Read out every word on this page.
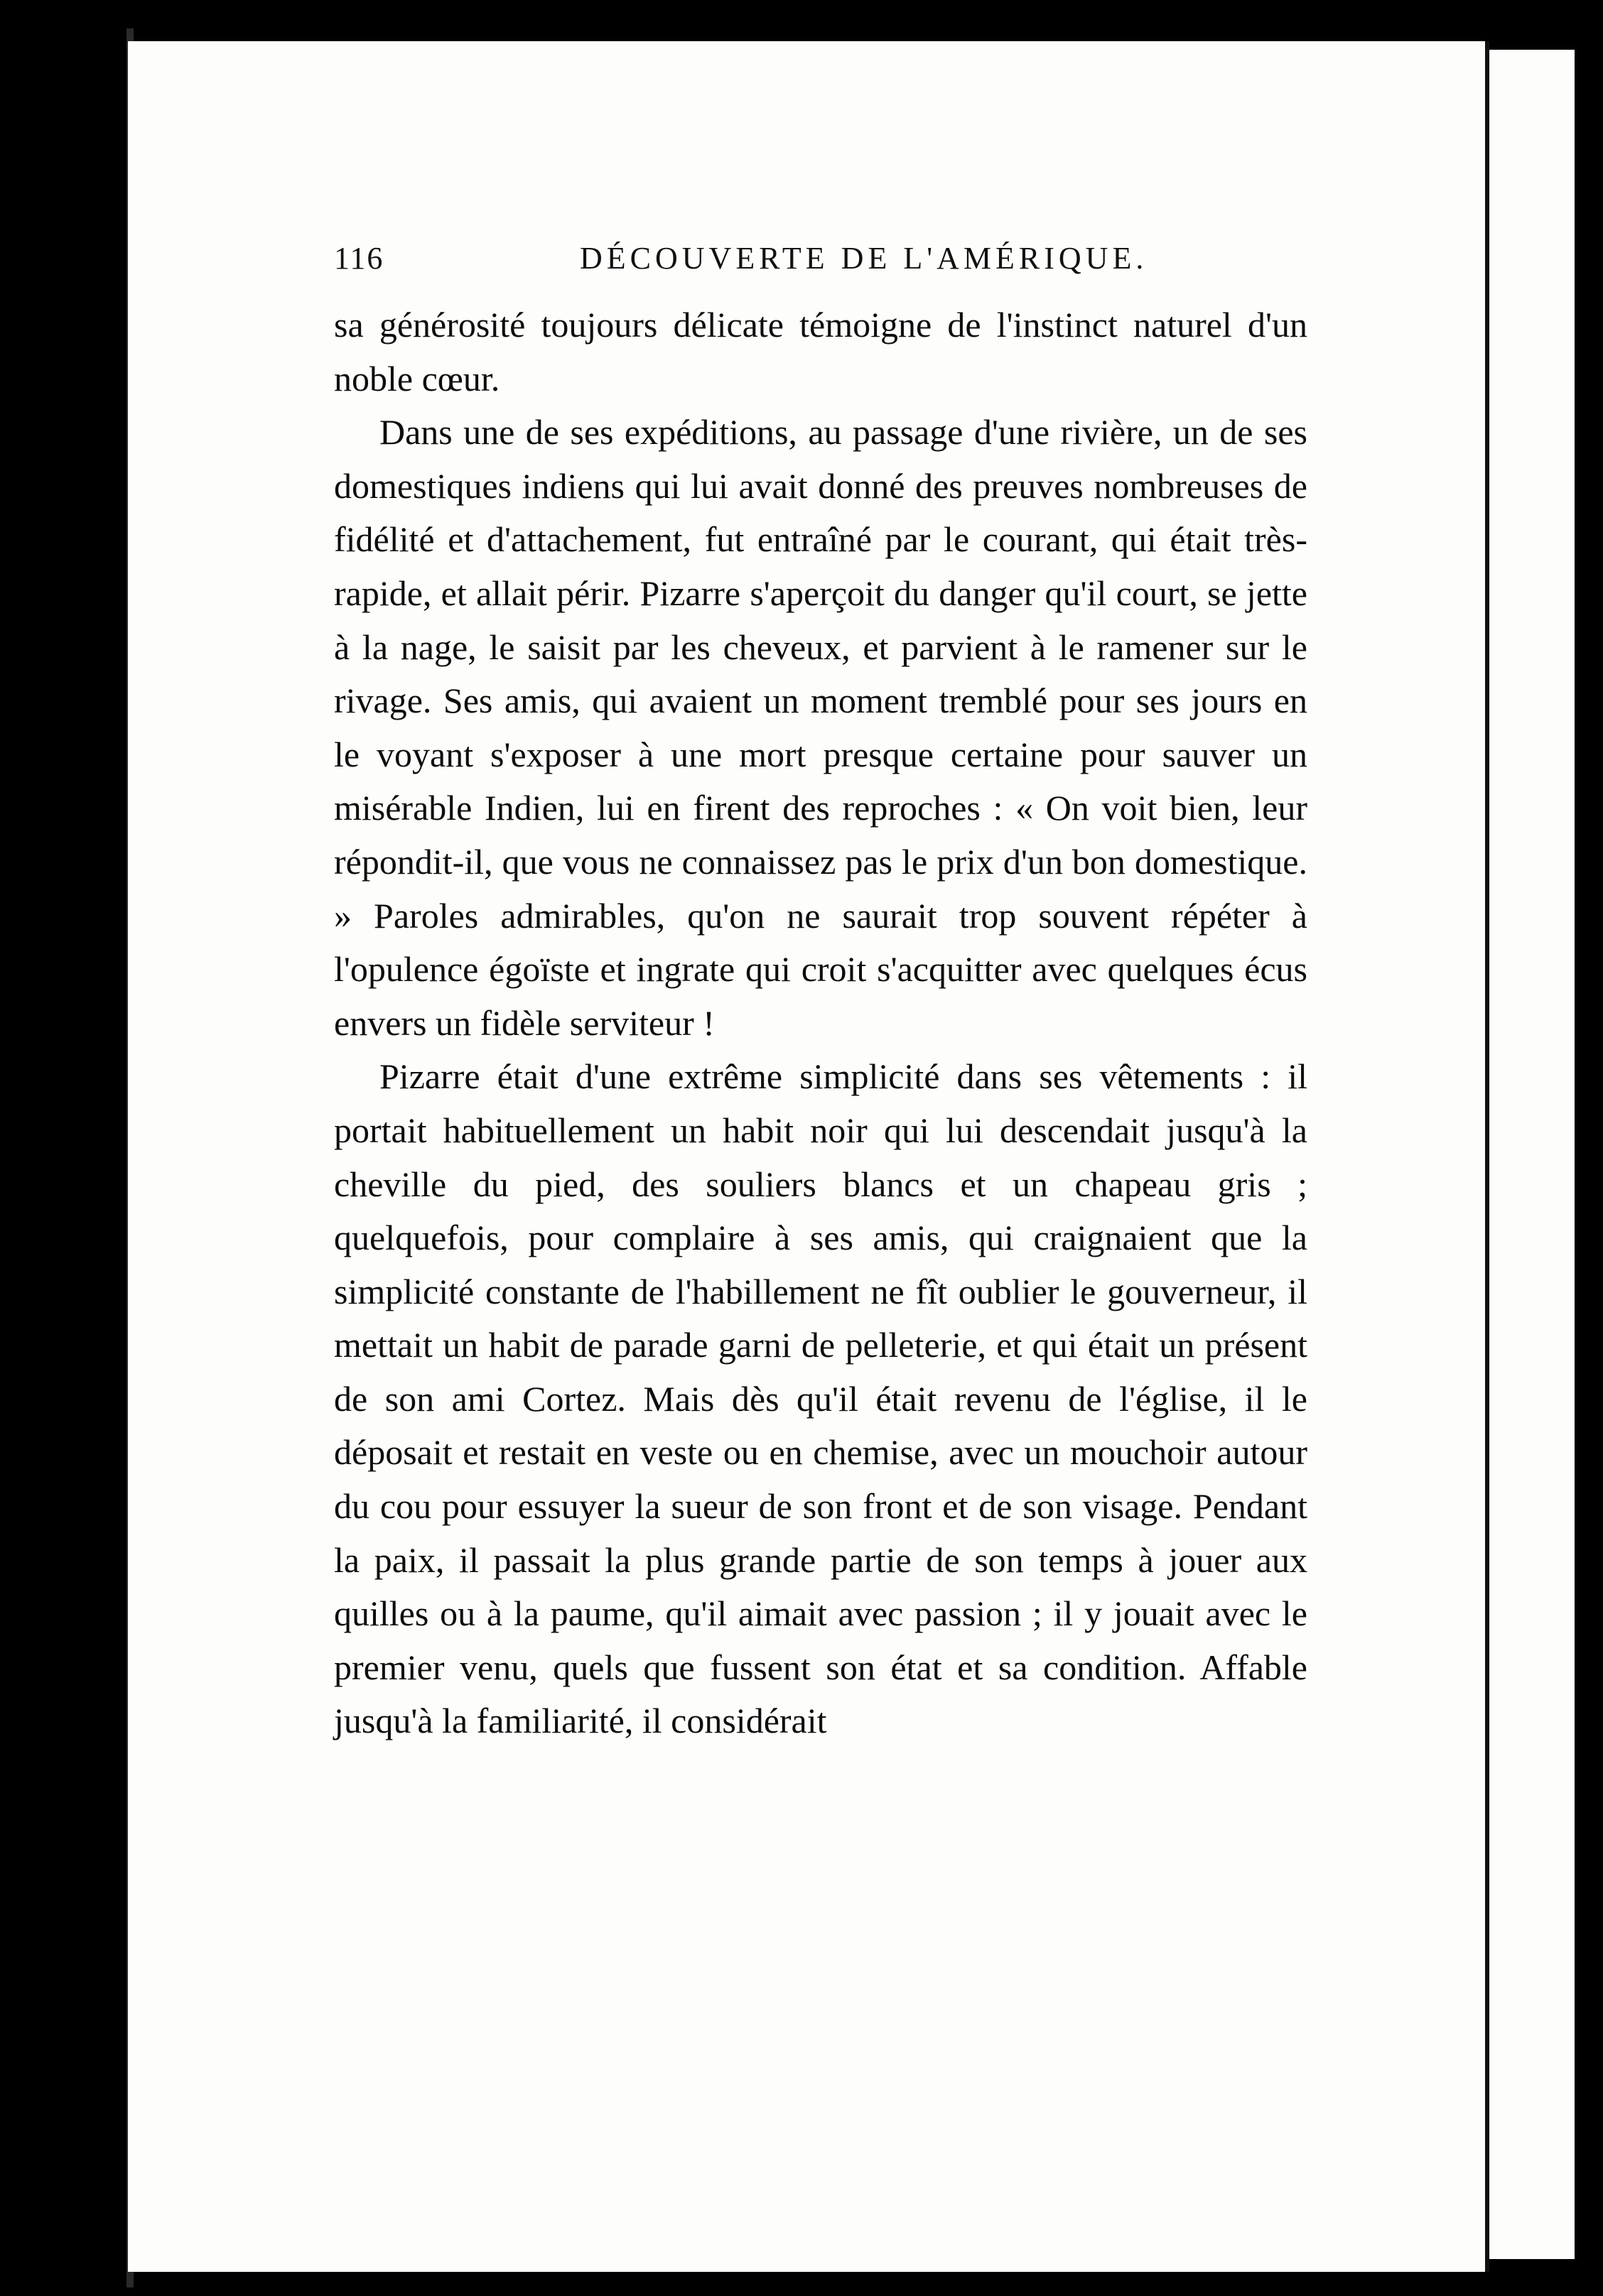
116	DÉCOUVERTE DE L'AMÉRIQUE.

sa générosité toujours délicate témoigne de l'instinct naturel d'un noble cœur.

Dans une de ses expéditions, au passage d'une rivière, un de ses domestiques indiens qui lui avait donné des preuves nombreuses de fidélité et d'attachement, fut entraîné par le courant, qui était très-rapide, et allait périr. Pizarre s'aperçoit du danger qu'il court, se jette à la nage, le saisit par les cheveux, et parvient à le ramener sur le rivage. Ses amis, qui avaient un moment tremblé pour ses jours en le voyant s'exposer à une mort presque certaine pour sauver un misérable Indien, lui en firent des reproches : « On voit bien, leur répondit-il, que vous ne connaissez pas le prix d'un bon domestique. » Paroles admirables, qu'on ne saurait trop souvent répéter à l'opulence égoïste et ingrate qui croit s'acquitter avec quelques écus envers un fidèle serviteur !

Pizarre était d'une extrême simplicité dans ses vêtements : il portait habituellement un habit noir qui lui descendait jusqu'à la cheville du pied, des souliers blancs et un chapeau gris ; quelquefois, pour complaire à ses amis, qui craignaient que la simplicité constante de l'habillement ne fît oublier le gouverneur, il mettait un habit de parade garni de pelleterie, et qui était un présent de son ami Cortez. Mais dès qu'il était revenu de l'église, il le déposait et restait en veste ou en chemise, avec un mouchoir autour du cou pour essuyer la sueur de son front et de son visage. Pendant la paix, il passait la plus grande partie de son temps à jouer aux quilles ou à la paume, qu'il aimait avec passion ; il y jouait avec le premier venu, quels que fussent son état et sa condition. Affable jusqu'à la familiarité, il considérait
